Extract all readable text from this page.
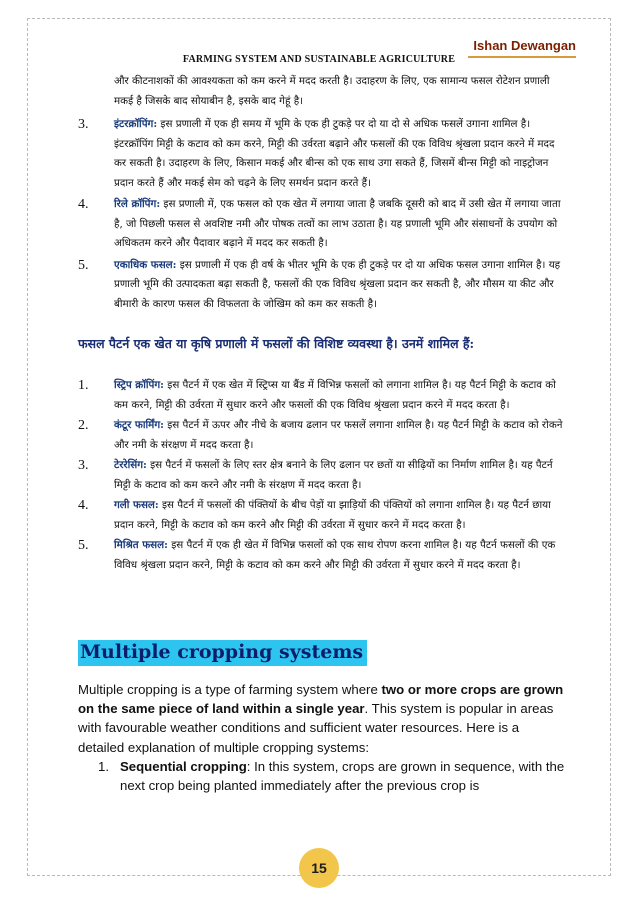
Ishan Dewangan
FARMING SYSTEM AND SUSTAINABLE AGRICULTURE

और कीटनाशकों की आवश्यकता को कम करने में मदद करती है। उदाहरण के लिए, एक सामान्य फसल रोटेशन प्रणाली मकई है जिसके बाद सोयाबीन है, इसके बाद गेहूं है।

3.	इंटरक्रॉपिंग: इस प्रणाली में एक ही समय में भूमि के एक ही टुकड़े पर दो या दो से अधिक फसलें उगाना शामिल है। इंटरक्रॉपिंग मिट्टी के कटाव को कम करने, मिट्टी की उर्वरता बढ़ाने और फसलों की एक विविध श्रृंखला प्रदान करने में मदद कर सकती है। उदाहरण के लिए, किसान मकई और बीन्स को एक साथ उगा सकते हैं, जिसमें बीन्स मिट्टी को नाइट्रोजन प्रदान करते हैं और मकई सेम को चढ़ने के लिए समर्थन प्रदान करते हैं।
4.	रिले क्रॉपिंग: इस प्रणाली में, एक फसल को एक खेत में लगाया जाता है जबकि दूसरी को बाद में उसी खेत में लगाया जाता है, जो पिछली फसल से अवशिष्ट नमी और पोषक तत्वों का लाभ उठाता है। यह प्रणाली भूमि और संसाधनों के उपयोग को अधिकतम करने और पैदावार बढ़ाने में मदद कर सकती है।
5.	एकाधिक फसल: इस प्रणाली में एक ही वर्ष के भीतर भूमि के एक ही टुकड़े पर दो या अधिक फसल उगाना शामिल है। यह प्रणाली भूमि की उत्पादकता बढ़ा सकती है, फसलों की एक विविध श्रृंखला प्रदान कर सकती है, और मौसम या कीट और बीमारी के कारण फसल की विफलता के जोखिम को कम कर सकती है।

फसल पैटर्न एक खेत या कृषि प्रणाली में फसलों की विशिष्ट व्यवस्था है। उनमें शामिल हैं:

1.	स्ट्रिप क्रॉपिंग: इस पैटर्न में एक खेत में स्ट्रिप्स या बैंड में विभिन्न फसलों को लगाना शामिल है। यह पैटर्न मिट्टी के कटाव को कम करने, मिट्टी की उर्वरता में सुधार करने और फसलों की एक विविध श्रृंखला प्रदान करने में मदद करता है।
2.	कंटूर फार्मिंग: इस पैटर्न में ऊपर और नीचे के बजाय ढलान पर फसलें लगाना शामिल है। यह पैटर्न मिट्टी के कटाव को रोकने और नमी के संरक्षण में मदद करता है।
3.	टेररेसिंग: इस पैटर्न में फसलों के लिए स्तर क्षेत्र बनाने के लिए ढलान पर छतों या सीढ़ियों का निर्माण शामिल है। यह पैटर्न मिट्टी के कटाव को कम करने और नमी के संरक्षण में मदद करता है।
4.	गली फसल: इस पैटर्न में फसलों की पंक्तियों के बीच पेड़ों या झाड़ियों की पंक्तियों को लगाना शामिल है। यह पैटर्न छाया प्रदान करने, मिट्टी के कटाव को कम करने और मिट्टी की उर्वरता में सुधार करने में मदद करता है।
5.	मिश्रित फसल: इस पैटर्न में एक ही खेत में विभिन्न फसलों को एक साथ रोपण करना शामिल है। यह पैटर्न फसलों की एक विविध श्रृंखला प्रदान करने, मिट्टी के कटाव को कम करने और मिट्टी की उर्वरता में सुधार करने में मदद करता है।
Multiple cropping systems

Multiple cropping is a type of farming system where two or more crops are grown on the same piece of land within a single year. This system is popular in areas with favourable weather conditions and sufficient water resources. Here is a detailed explanation of multiple cropping systems:

1. Sequential cropping: In this system, crops are grown in sequence, with the next crop being planted immediately after the previous crop is
15
